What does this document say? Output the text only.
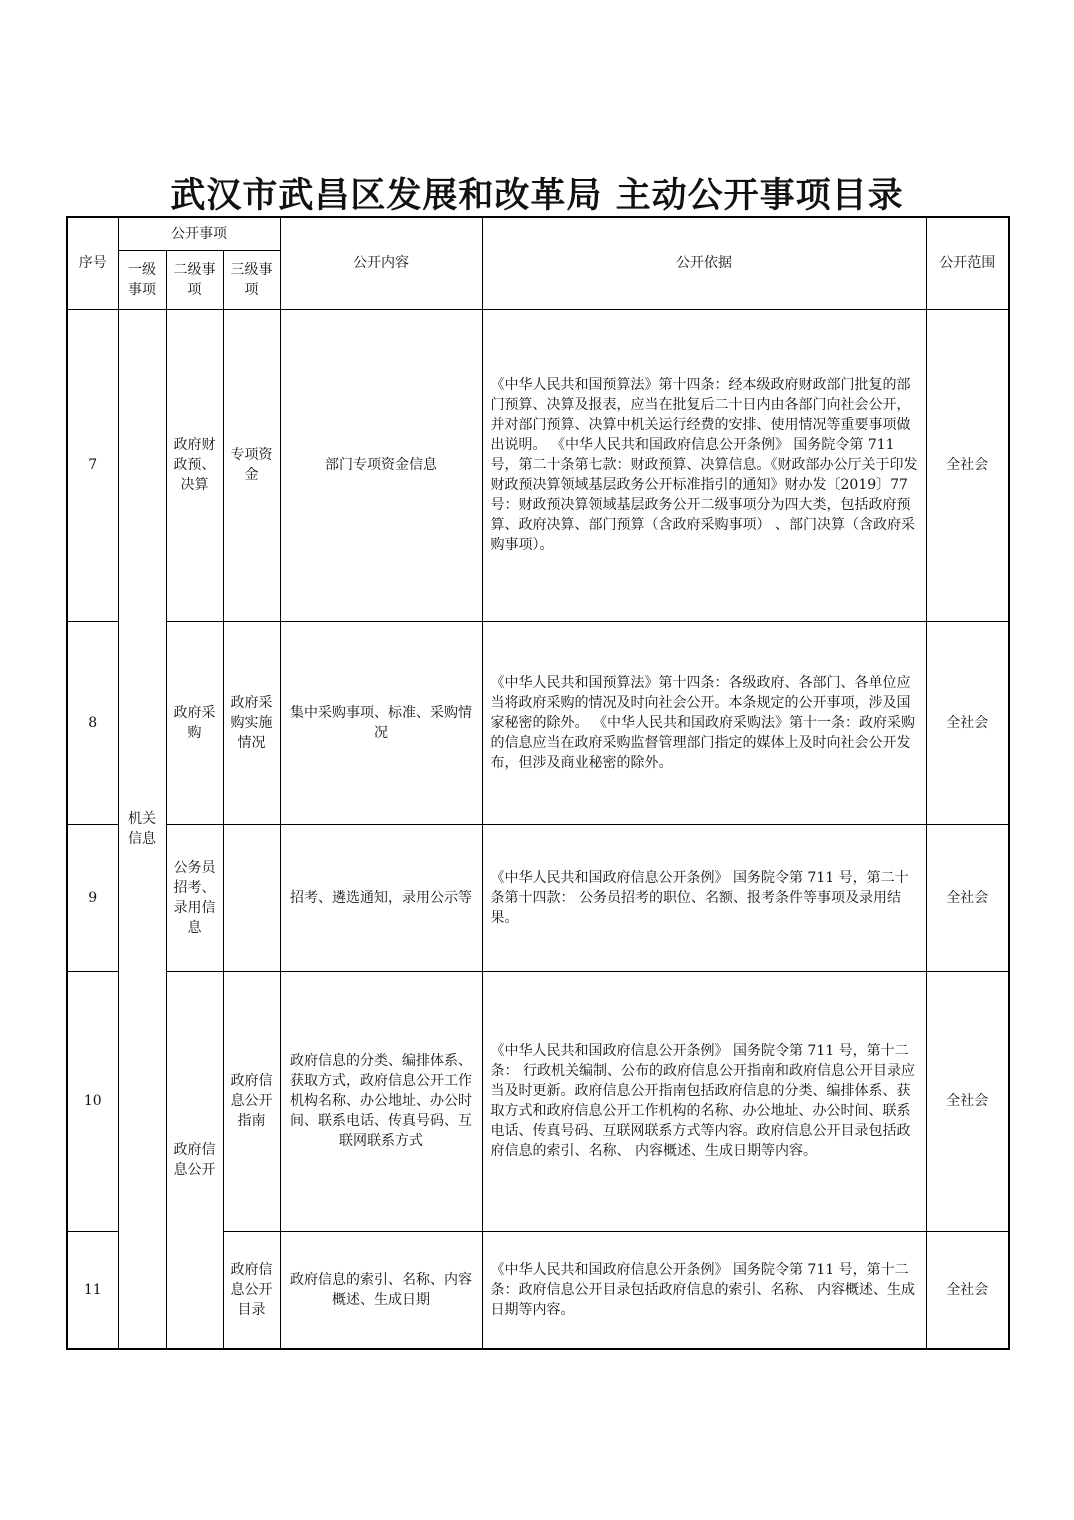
武汉市武昌区发展和改革局 主动公开事项目录
序号	公开事项			公开内容	公开依据	公开范围
	一级事项	二级事项	三级事项			
7	机关信息	政府财政预、决算	专项资金	部门专项资金信息	《中华人民共和国预算法》第十四条：经本级政府财政部门批复的部门预算、决算及报表，应当在批复后二十日内由各部门向社会公开，并对部门预算、决算中机关运行经费的安排、使用情况等重要事项做出说明。 《中华人民共和国政府信息公开条例》 国务院令第 711 号，第二十条第七款：财政预算、决算信息。《财政部办公厅关于印发财政预决算领域基层政务公开标准指引的通知》财办发〔2019〕77 号：财政预决算领域基层政务公开二级事项分为四大类，包括政府预算、政府决算、部门预算（含政府采购事项） 、部门决算（含政府采购事项）。	全社会
8		政府采购	政府采购实施情况	集中采购事项、标准、采购情况	《中华人民共和国预算法》第十四条：各级政府、各部门、各单位应当将政府采购的情况及时向社会公开。本条规定的公开事项，涉及国家秘密的除外。 《中华人民共和国政府采购法》第十一条：政府采购的信息应当在政府采购监督管理部门指定的媒体上及时向社会公开发布，但涉及商业秘密的除外。	全社会
9		公务员招考、录用信息		招考、遴选通知，录用公示等	《中华人民共和国政府信息公开条例》 国务院令第 711 号，第二十条第十四款： 公务员招考的职位、名额、报考条件等事项及录用结果。	全社会
10		政府信息公开	政府信息公开指南	政府信息的分类、编排体系、获取方式，政府信息公开工作机构名称、办公地址、办公时间、联系电话、传真号码、互联网联系方式	《中华人民共和国政府信息公开条例》 国务院令第 711 号，第十二条： 行政机关编制、公布的政府信息公开指南和政府信息公开目录应当及时更新。政府信息公开指南包括政府信息的分类、编排体系、获取方式和政府信息公开工作机构的名称、办公地址、办公时间、联系电话、传真号码、互联网联系方式等内容。政府信息公开目录包括政府信息的索引、名称、 内容概述、生成日期等内容。	全社会
11			政府信息公开目录	政府信息的索引、名称、内容概述、生成日期	《中华人民共和国政府信息公开条例》 国务院令第 711 号，第十二条：政府信息公开目录包括政府信息的索引、名称、 内容概述、生成日期等内容。	全社会
